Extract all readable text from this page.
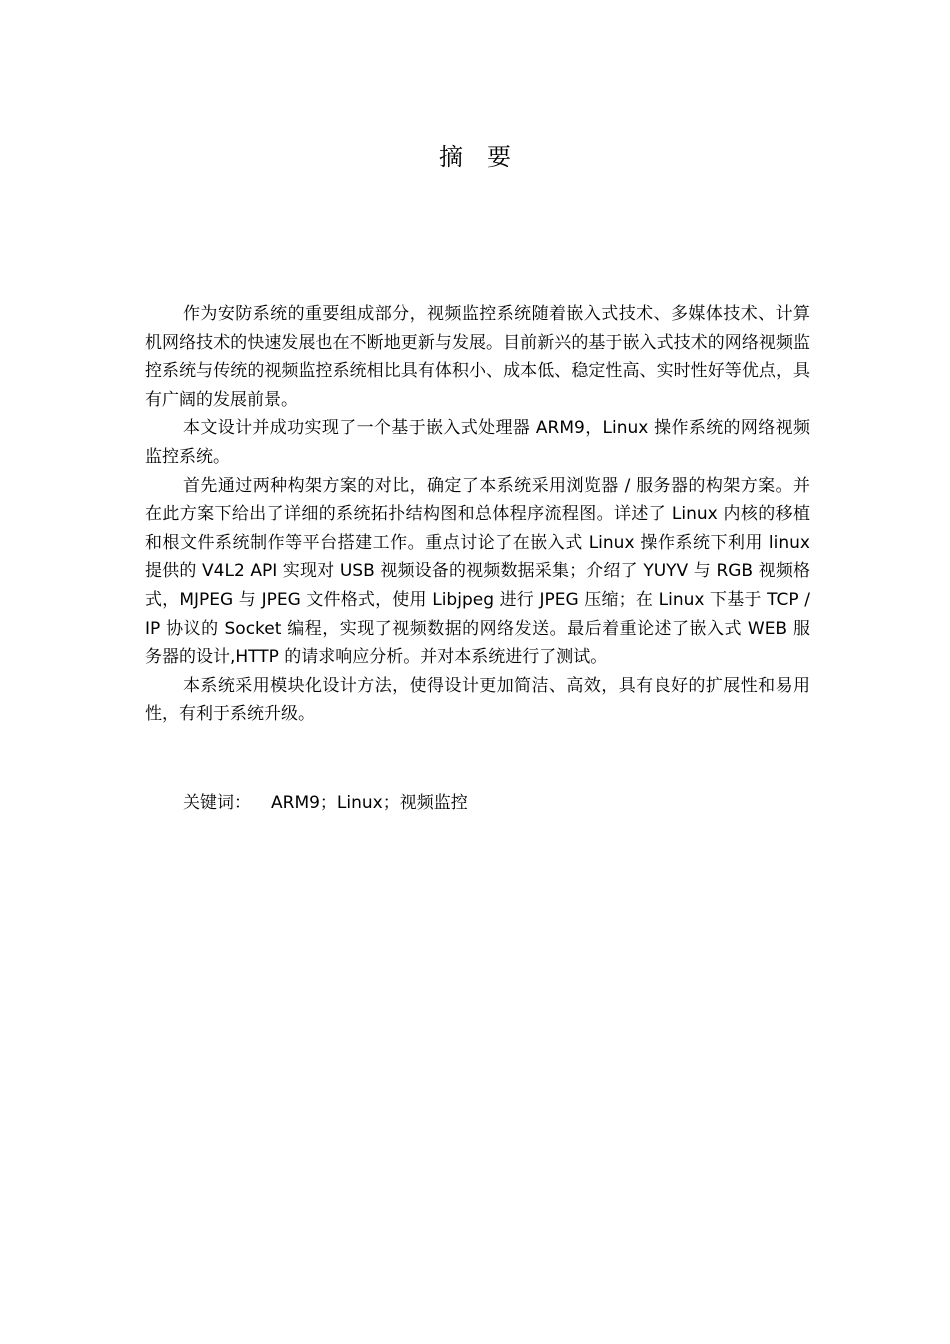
摘　要

作为安防系统的重要组成部分，视频监控系统随着嵌入式技术、多媒体技术、计算机网络技术的快速发展也在不断地更新与发展。目前新兴的基于嵌入式技术的网络视频监控系统与传统的视频监控系统相比具有体积小、成本低、稳定性高、实时性好等优点，具有广阔的发展前景。

本文设计并成功实现了一个基于嵌入式处理器 ARM9，Linux 操作系统的网络视频监控系统。

首先通过两种构架方案的对比，确定了本系统采用浏览器 / 服务器的构架方案。并在此方案下给出了详细的系统拓扑结构图和总体程序流程图。详述了 Linux 内核的移植和根文件系统制作等平台搭建工作。重点讨论了在嵌入式 Linux 操作系统下利用 linux 提供的 V4L2 API 实现对 USB 视频设备的视频数据采集；介绍了 YUYV 与 RGB 视频格式，MJPEG 与 JPEG 文件格式，使用 Libjpeg 进行 JPEG 压缩；在 Linux 下基于 TCP / IP 协议的 Socket 编程，实现了视频数据的网络发送。最后着重论述了嵌入式 WEB 服务器的设计,HTTP 的请求响应分析。并对本系统进行了测试。

本系统采用模块化设计方法，使得设计更加简洁、高效，具有良好的扩展性和易用性，有利于系统升级。

关键词： ARM9；Linux；视频监控
